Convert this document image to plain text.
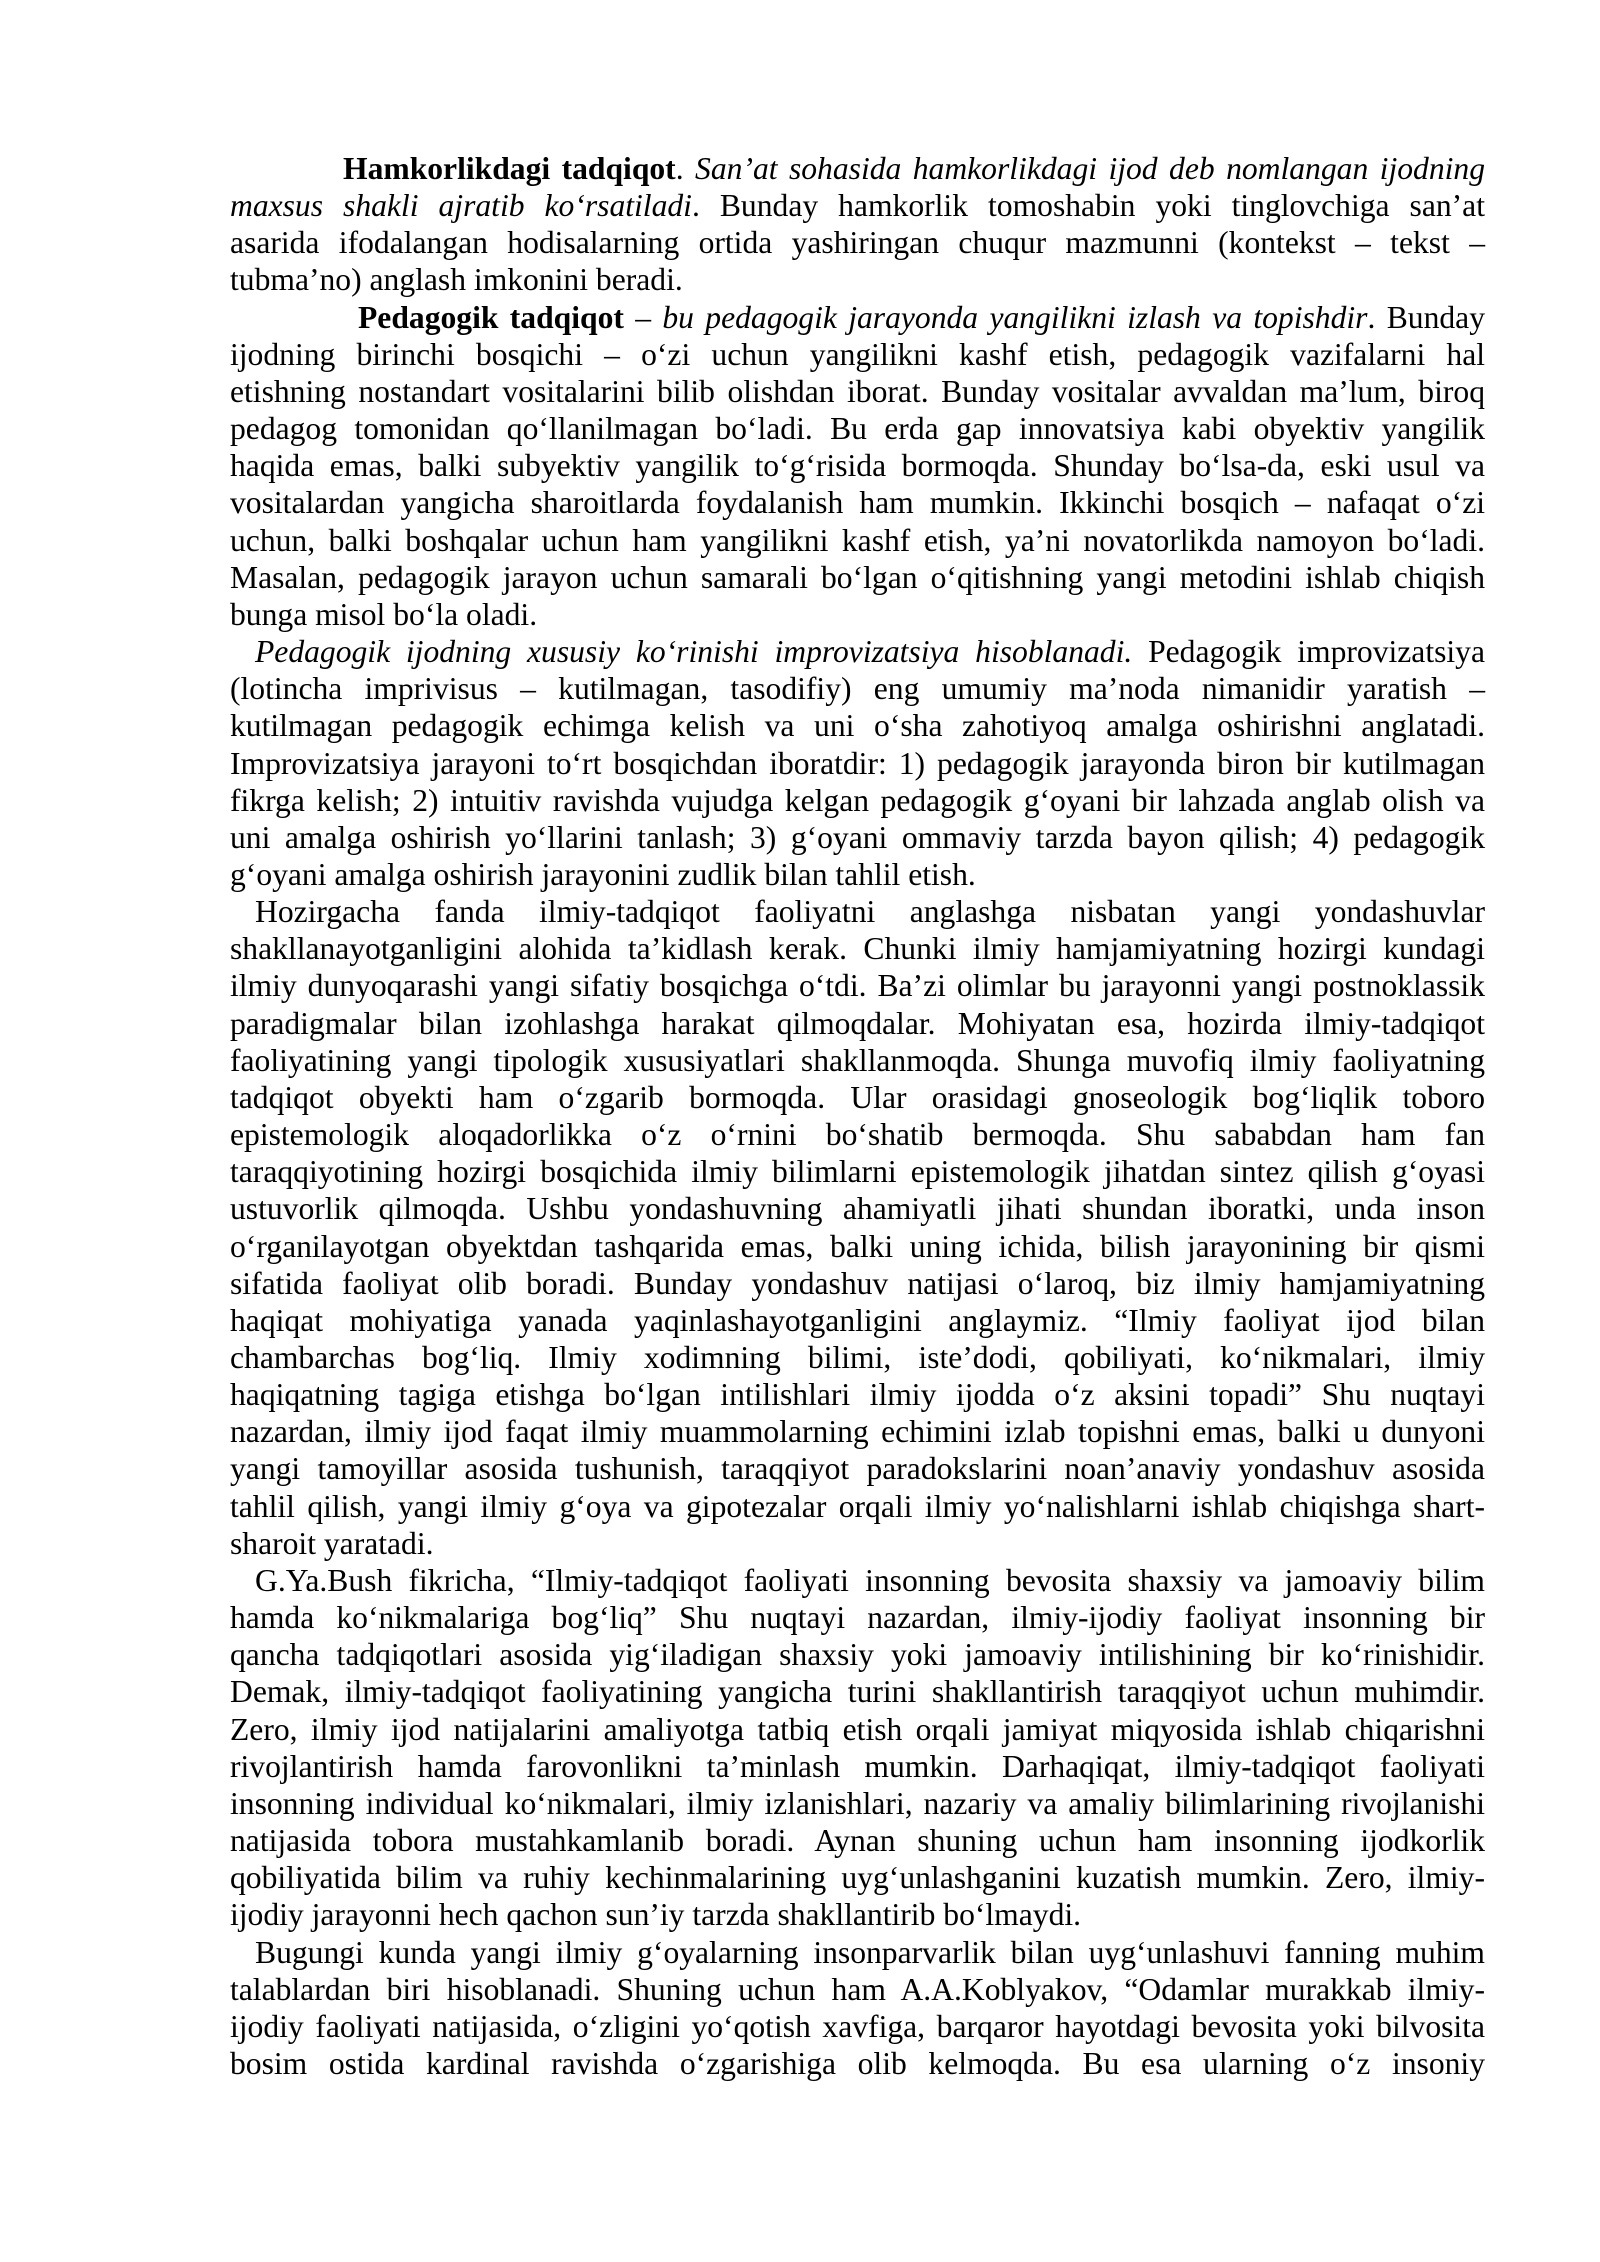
Hamkorlikdagi tadqiqot. San’at sohasida hamkorlikdagi ijod deb nomlangan ijodning
maxsus shakli ajratib ko‘rsatiladi. Bunday hamkorlik tomoshabin yoki tinglovchiga san’at
asarida ifodalangan hodisalarning ortida yashiringan chuqur mazmunni (kontekst – tekst –
tubma’no) anglash imkonini beradi.
Pedagogik tadqiqot – bu pedagogik jarayonda yangilikni izlash va topishdir. Bunday
ijodning birinchi bosqichi – o‘zi uchun yangilikni kashf etish, pedagogik vazifalarni hal
etishning nostandart vositalarini bilib olishdan iborat. Bunday vositalar avvaldan ma’lum, biroq
pedagog tomonidan qo‘llanilmagan bo‘ladi. Bu erda gap innovatsiya kabi obyektiv yangilik
haqida emas, balki subyektiv yangilik to‘g‘risida bormoqda. Shunday bo‘lsa-da, eski usul va
vositalardan yangicha sharoitlarda foydalanish ham mumkin. Ikkinchi bosqich – nafaqat o‘zi
uchun, balki boshqalar uchun ham yangilikni kashf etish, ya’ni novatorlikda namoyon bo‘ladi.
Masalan, pedagogik jarayon uchun samarali bo‘lgan o‘qitishning yangi metodini ishlab chiqish
bunga misol bo‘la oladi.
Pedagogik ijodning xususiy ko‘rinishi improvizatsiya hisoblanadi. Pedagogik improvizatsiya
(lotincha imprivisus – kutilmagan, tasodifiy) eng umumiy ma’noda nimanidir yaratish –
kutilmagan pedagogik echimga kelish va uni o‘sha zahotiyoq amalga oshirishni anglatadi.
Improvizatsiya jarayoni to‘rt bosqichdan iboratdir: 1) pedagogik jarayonda biron bir kutilmagan
fikrga kelish; 2) intuitiv ravishda vujudga kelgan pedagogik g‘oyani bir lahzada anglab olish va
uni amalga oshirish yo‘llarini tanlash; 3) g‘oyani ommaviy tarzda bayon qilish; 4) pedagogik
g‘oyani amalga oshirish jarayonini zudlik bilan tahlil etish.
Hozirgacha fanda ilmiy-tadqiqot faoliyatni anglashga nisbatan yangi yondashuvlar
shakllanayotganligini alohida ta’kidlash kerak. Chunki ilmiy hamjamiyatning hozirgi kundagi
ilmiy dunyoqarashi yangi sifatiy bosqichga o‘tdi. Ba’zi olimlar bu jarayonni yangi postnoklassik
paradigmalar bilan izohlashga harakat qilmoqdalar. Mohiyatan esa, hozirda ilmiy-tadqiqot
faoliyatining yangi tipologik xususiyatlari shakllanmoqda. Shunga muvofiq ilmiy faoliyatning
tadqiqot obyekti ham o‘zgarib bormoqda. Ular orasidagi gnoseologik bog‘liqlik toboro
epistemologik aloqadorlikka o‘z o‘rnini bo‘shatib bermoqda. Shu sababdan ham fan
taraqqiyotining hozirgi bosqichida ilmiy bilimlarni epistemologik jihatdan sintez qilish g‘oyasi
ustuvorlik qilmoqda. Ushbu yondashuvning ahamiyatli jihati shundan iboratki, unda inson
o‘rganilayotgan obyektdan tashqarida emas, balki uning ichida, bilish jarayonining bir qismi
sifatida faoliyat olib boradi. Bunday yondashuv natijasi o‘laroq, biz ilmiy hamjamiyatning
haqiqat mohiyatiga yanada yaqinlashayotganligini anglaymiz. “Ilmiy faoliyat ijod bilan
chambarchas bog‘liq. Ilmiy xodimning bilimi, iste’dodi, qobiliyati, ko‘nikmalari, ilmiy
haqiqatning tagiga etishga bo‘lgan intilishlari ilmiy ijodda o‘z aksini topadi” Shu nuqtayi
nazardan, ilmiy ijod faqat ilmiy muammolarning echimini izlab topishni emas, balki u dunyoni
yangi tamoyillar asosida tushunish, taraqqiyot paradokslarini noan’anaviy yondashuv asosida
tahlil qilish, yangi ilmiy g‘oya va gipotezalar orqali ilmiy yo‘nalishlarni ishlab chiqishga shart-
sharoit yaratadi.
G.Ya.Bush fikricha, “Ilmiy-tadqiqot faoliyati insonning bevosita shaxsiy va jamoaviy bilim
hamda ko‘nikmalariga bog‘liq” Shu nuqtayi nazardan, ilmiy-ijodiy faoliyat insonning bir
qancha tadqiqotlari asosida yig‘iladigan shaxsiy yoki jamoaviy intilishining bir ko‘rinishidir.
Demak, ilmiy-tadqiqot faoliyatining yangicha turini shakllantirish taraqqiyot uchun muhimdir.
Zero, ilmiy ijod natijalarini amaliyotga tatbiq etish orqali jamiyat miqyosida ishlab chiqarishni
rivojlantirish hamda farovonlikni ta’minlash mumkin. Darhaqiqat, ilmiy-tadqiqot faoliyati
insonning individual ko‘nikmalari, ilmiy izlanishlari, nazariy va amaliy bilimlarining rivojlanishi
natijasida tobora mustahkamlanib boradi. Aynan shuning uchun ham insonning ijodkorlik
qobiliyatida bilim va ruhiy kechinmalarining uyg‘unlashganini kuzatish mumkin. Zero, ilmiy-
ijodiy jarayonni hech qachon sun’iy tarzda shakllantirib bo‘lmaydi.
Bugungi kunda yangi ilmiy g‘oyalarning insonparvarlik bilan uyg‘unlashuvi fanning muhim
talablardan biri hisoblanadi. Shuning uchun ham A.A.Koblyakov, “Odamlar murakkab ilmiy-
ijodiy faoliyati natijasida, o‘zligini yo‘qotish xavfiga, barqaror hayotdagi bevosita yoki bilvosita
bosim ostida kardinal ravishda o‘zgarishiga olib kelmoqda. Bu esa ularning o‘z insoniy
